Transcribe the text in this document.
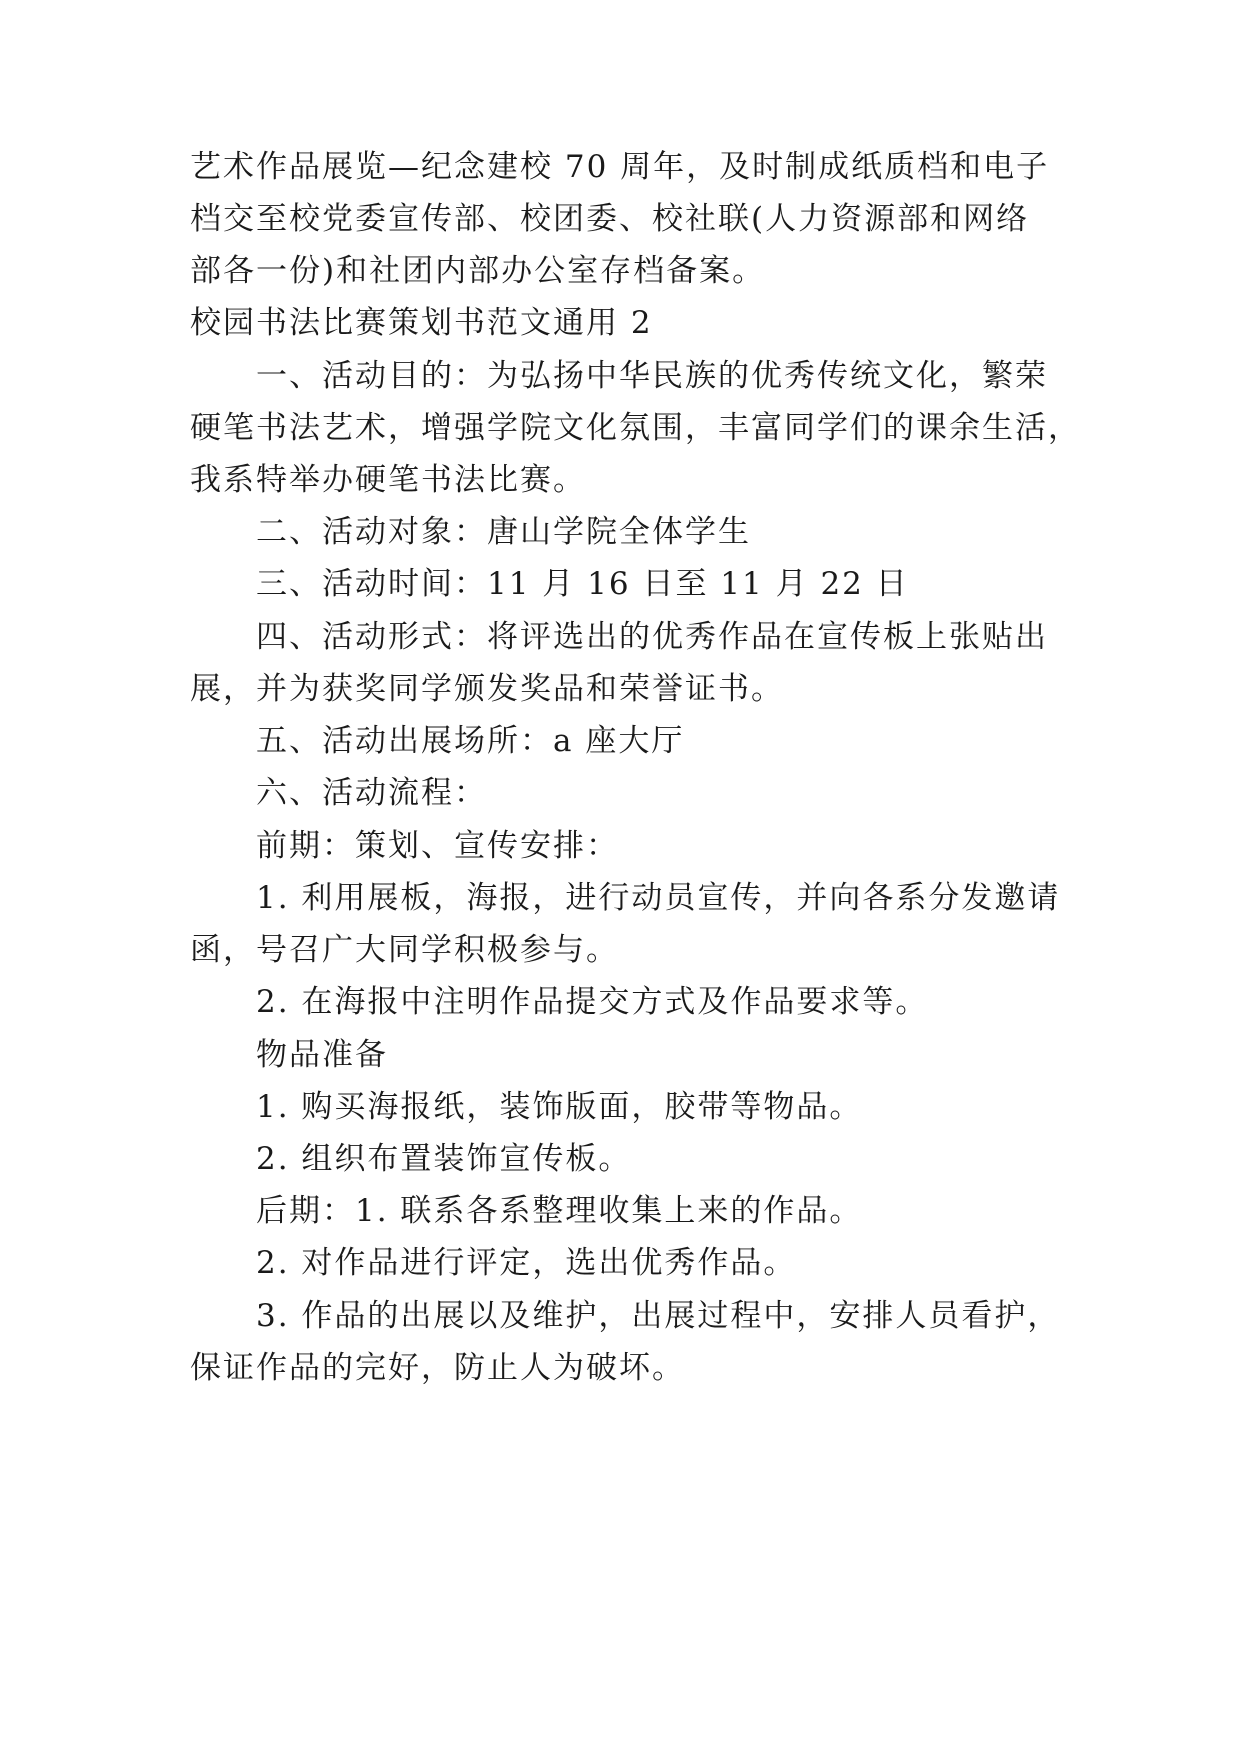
艺术作品展览—纪念建校 70 周年，及时制成纸质档和电子
档交至校党委宣传部、校团委、校社联(人力资源部和网络
部各一份)和社团内部办公室存档备案。
校园书法比赛策划书范文通用 2
一、活动目的：为弘扬中华民族的优秀传统文化，繁荣
硬笔书法艺术，增强学院文化氛围，丰富同学们的课余生活，
我系特举办硬笔书法比赛。
二、活动对象：唐山学院全体学生
三、活动时间：11 月 16 日至 11 月 22 日
四、活动形式：将评选出的优秀作品在宣传板上张贴出
展，并为获奖同学颁发奖品和荣誉证书。
五、活动出展场所：a 座大厅
六、活动流程：
前期：策划、宣传安排：
1. 利用展板，海报，进行动员宣传，并向各系分发邀请
函，号召广大同学积极参与。
2. 在海报中注明作品提交方式及作品要求等。
物品准备
1. 购买海报纸，装饰版面，胶带等物品。
2. 组织布置装饰宣传板。
后期：1. 联系各系整理收集上来的作品。
2. 对作品进行评定，选出优秀作品。
3. 作品的出展以及维护，出展过程中，安排人员看护，
保证作品的完好，防止人为破坏。
